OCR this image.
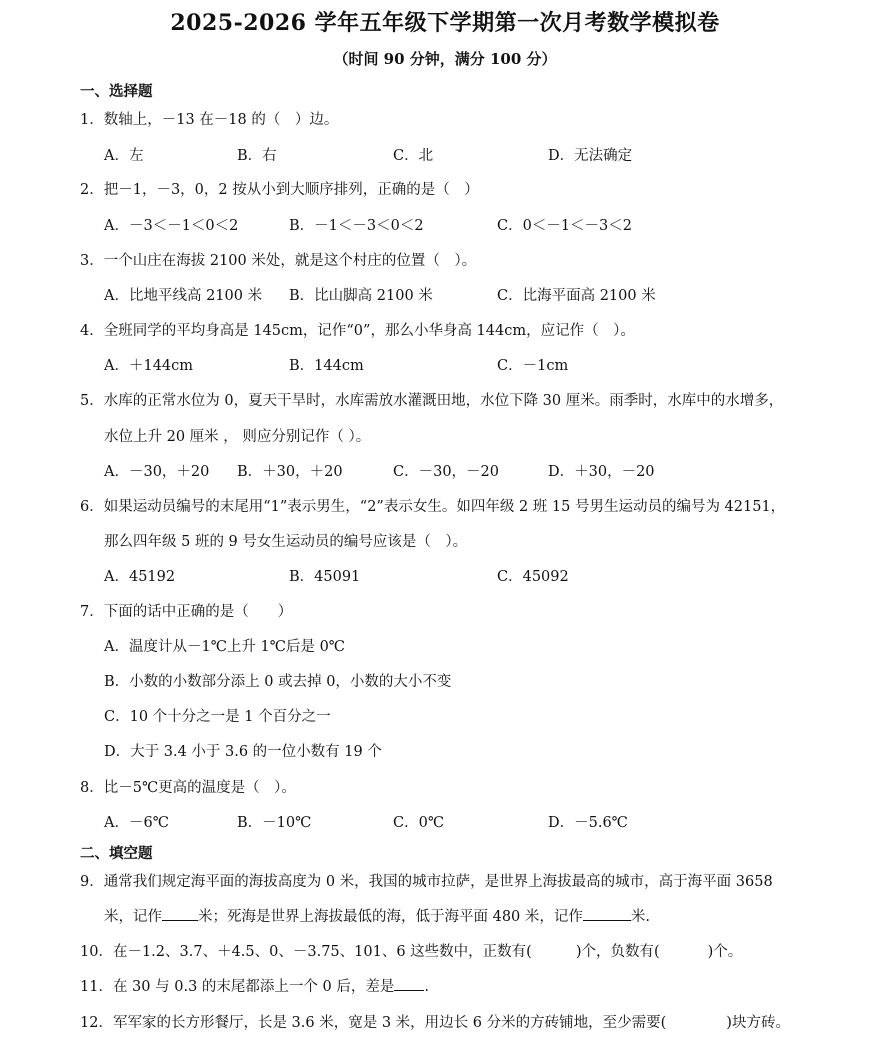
2025-2026 学年五年级下学期第一次月考数学模拟卷
（时间 90 分钟，满分 100 分）
一、选择题
1．数轴上，－13 在－18 的（　）边。
A．左	B．右	C．北	D．无法确定
2．把－1，－3，0，2 按从小到大顺序排列，正确的是（　）
A．－3＜－1＜0＜2	B．－1＜－3＜0＜2	C．0＜－1＜－3＜2
3．一个山庄在海拔 2100 米处，就是这个村庄的位置（　）。
A．比地平线高 2100 米 B．比山脚高 2100 米	C．比海平面高 2100 米
4．全班同学的平均身高是 145cm，记作“0”，那么小华身高 144cm，应记作（　）。
A．＋144cm	B．144cm	C．－1cm
5．水库的正常水位为 0，夏天干旱时，水库需放水灌溉田地，水位下降 30 厘米。雨季时，水库中的水增多，
水位上升 20 厘米 ， 则应分别记作（ ）。
A．－30，＋20 B．＋30，＋20	C．－30，－20	D．＋30，－20
6．如果运动员编号的末尾用“1”表示男生，“2”表示女生。如四年级 2 班 15 号男生运动员的编号为 42151，
那么四年级 5 班的 9 号女生运动员的编号应该是（　）。
A．45192	B．45091	C．45092
7．下面的话中正确的是（　　）
A．温度计从－1℃上升 1℃后是 0℃
B．小数的小数部分添上 0 或去掉 0，小数的大小不变
C．10 个十分之一是 1 个百分之一
D．大于 3.4 小于 3.6 的一位小数有 19 个
8．比－5℃更高的温度是（　）。
A．－6℃	B．－10℃	C．0℃	D．－5.6℃
二、填空题
9．通常我们规定海平面的海拔高度为 0 米，我国的城市拉萨，是世界上海拔最高的城市，高于海平面 3658
米，记作 米；死海是世界上海拔最低的海，低于海平面 480 米，记作	米.
10．在－1.2、3.7、＋4.5、0、－3.75、101、6 这些数中，正数有(	)个，负数有(	)个。
11．在 30 与 0.3 的末尾都添上一个 0 后，差是 .
12．军军家的长方形餐厅，长是 3.6 米，宽是 3 米，用边长 6 分米的方砖铺地，至少需要(	)块方砖。
